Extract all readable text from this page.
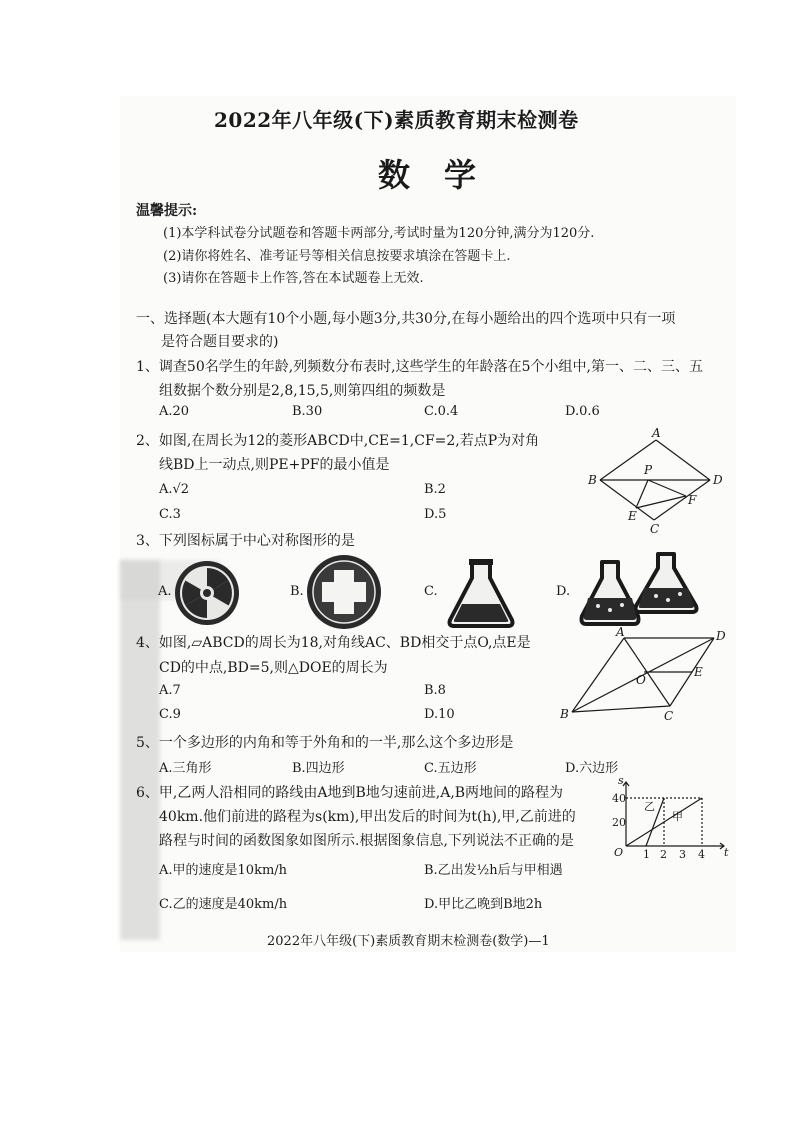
2022年八年级(下)素质教育期末检测卷
数学
温馨提示:
(1)本学科试卷分试题卷和答题卡两部分,考试时量为120分钟,满分为120分.
(2)请你将姓名、准考证号等相关信息按要求填涂在答题卡上.
(3)请你在答题卡上作答,答在本试题卷上无效.
一、选择题(本大题有10个小题,每小题3分,共30分,在每小题给出的四个选项中只有一项
是符合题目要求的)
1、调查50名学生的年龄,列频数分布表时,这些学生的年龄落在5个小组中,第一、二、三、五
组数据个数分别是2,8,15,5,则第四组的频数是
A.20	B.30	C.0.4	D.0.6
2、如图,在周长为12的菱形ABCD中,CE=1,CF=2,若点P为对角
线BD上一动点,则PE+PF的最小值是
A.√2	B.2
C.3	D.5
A
B
C
D
P
E
F
3、下列图标属于中心对称图形的是
A.	B.	C.	D.
4、如图,▱ABCD的周长为18,对角线AC、BD相交于点O,点E是
CD的中点,BD=5,则△DOE的周长为
A.7	B.8
C.9	D.10
A
B	C
D
O
E
5、一个多边形的内角和等于外角和的一半,那么这个多边形是
A.三角形	B.四边形	C.五边形	D.六边形
6、甲,乙两人沿相同的路线由A地到B地匀速前进,A,B两地间的路程为
40km.他们前进的路程为s(km),甲出发后的时间为t(h),甲,乙前进的
路程与时间的函数图象如图所示.根据图象信息,下列说法不正确的是
A.甲的速度是10km/h	B.乙出发½h后与甲相遇
C.乙的速度是40km/h	D.甲比乙晚到B地2h
s
t
O
20
40
1 2 3 4
乙
甲
2022年八年级(下)素质教育期末检测卷(数学)—1
